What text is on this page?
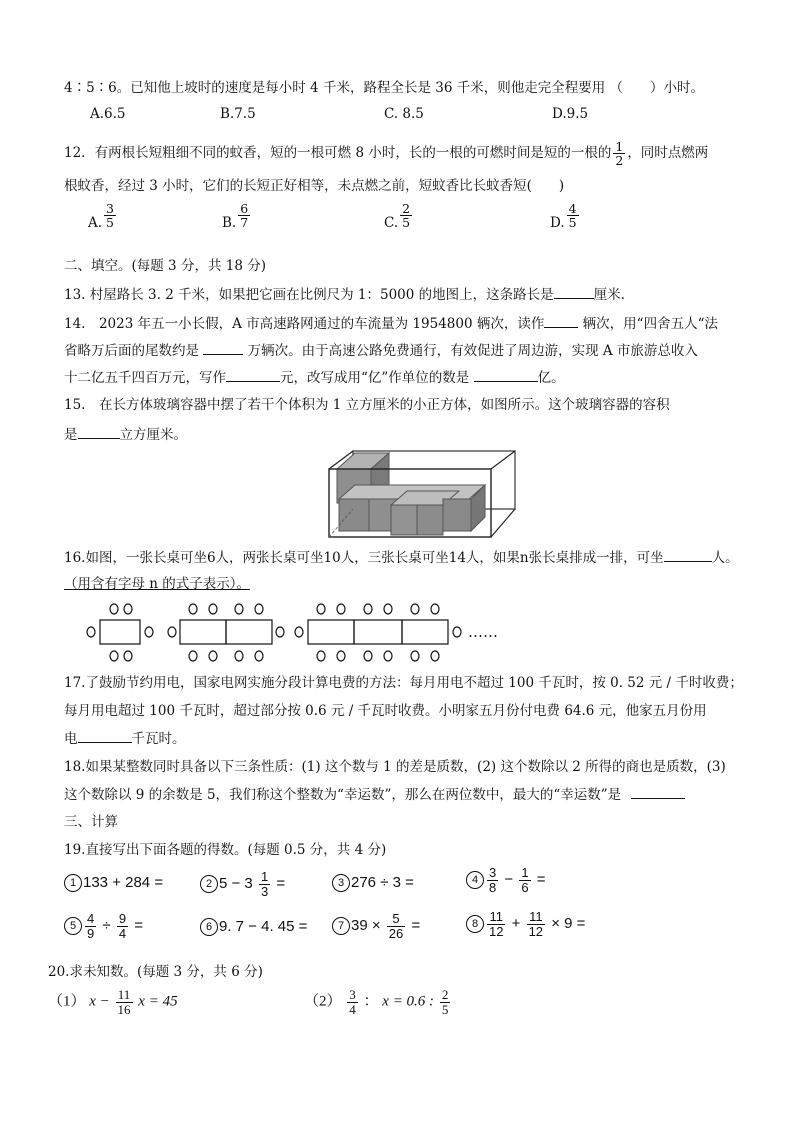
4∶5∶6。已知他上坡时的速度是每小时 4 千米，路程全长是 36 千米，则他走完全程要用 （　　）小时。
A.6.5	B.7.5	C. 8.5	D.9.5
12．有两根长短粗细不同的蚊香，短的一根可燃 8 小时，长的一根的可燃时间是短的一根的 $\frac{1}{2}$ ，同时点燃两
根蚊香，经过 3 小时，它们的长短正好相等，未点燃之前，短蚊香比长蚊香短(　　)
A. $\frac{3}{5}$	B. $\frac{6}{7}$	C. $\frac{2}{5}$	D. $\frac{4}{5}$
二、填空。(每题 3 分，共 18 分)
13. 村屋路长 3. 2 千米，如果把它画在比例尺为 1：5000 的地图上，这条路长是	厘米.
14.　2023 年五一小长假，A 市高速路网通过的车流量为 1954800 辆次，读作	辆次，用“四舍五人“法
省略万后面的尾数约是	万辆次。由于高速公路免费通行，有效促进了周边游，实现 A 市旅游总收入
十二亿五千四百万元，写作	元，改写成用“亿”作单位的数是	亿。
15.　在长方体玻璃容器中摆了若干个体积为 1 立方厘米的小正方体，如图所示。这个玻璃容器的容积
是	立方厘米。
16.如图，一张长桌可坐6人，两张长桌可坐10人，三张长桌可坐14人，如果n张长桌排成一排，可坐	人。
（用含有字母 n 的式子表示）。
……
17.了鼓励节约用电，国家电网实施分段计算电费的方法：每月用电不超过 100 千瓦时，按 0. 52 元 / 千时收费；
每月用电超过 100 千瓦时，超过部分按 0.6 元 / 千瓦时收费。小明家五月份付电费 64.6 元，他家五月份用
电	千瓦时。
18.如果某整数同时具备以下三条性质：(1) 这个数与 1 的差是质数，(2) 这个数除以 2 所得的商也是质数，(3)
这个数除以 9 的余数是 5，我们称这个整数为“幸运数”，那么在两位数中，最大的“幸运数”是
三、计算
19.直接写出下面各题的得数。(每题 0.5 分，共 4 分)
1 133 + 284 =	2 $5 - 3 \frac{1}{3}$ =	3 276 ÷ 3 =	$4 \frac{3}{8} - \frac{1}{6}$ =
$5 \frac{4}{9} \div \frac{9}{4}$ =	6 9. 7 − 4. 45 =	7 $39 \times \frac{5}{26}$ =	$8 \frac{11}{12} + \frac{11}{12} \times 9$ =
20.求未知数。(每题 3 分，共 6 分)
（1） $x - \frac{11}{16}$ x = 45	$(2) \frac{3}{4}$ ： x = 0.6 : $\frac{2}{5}$
